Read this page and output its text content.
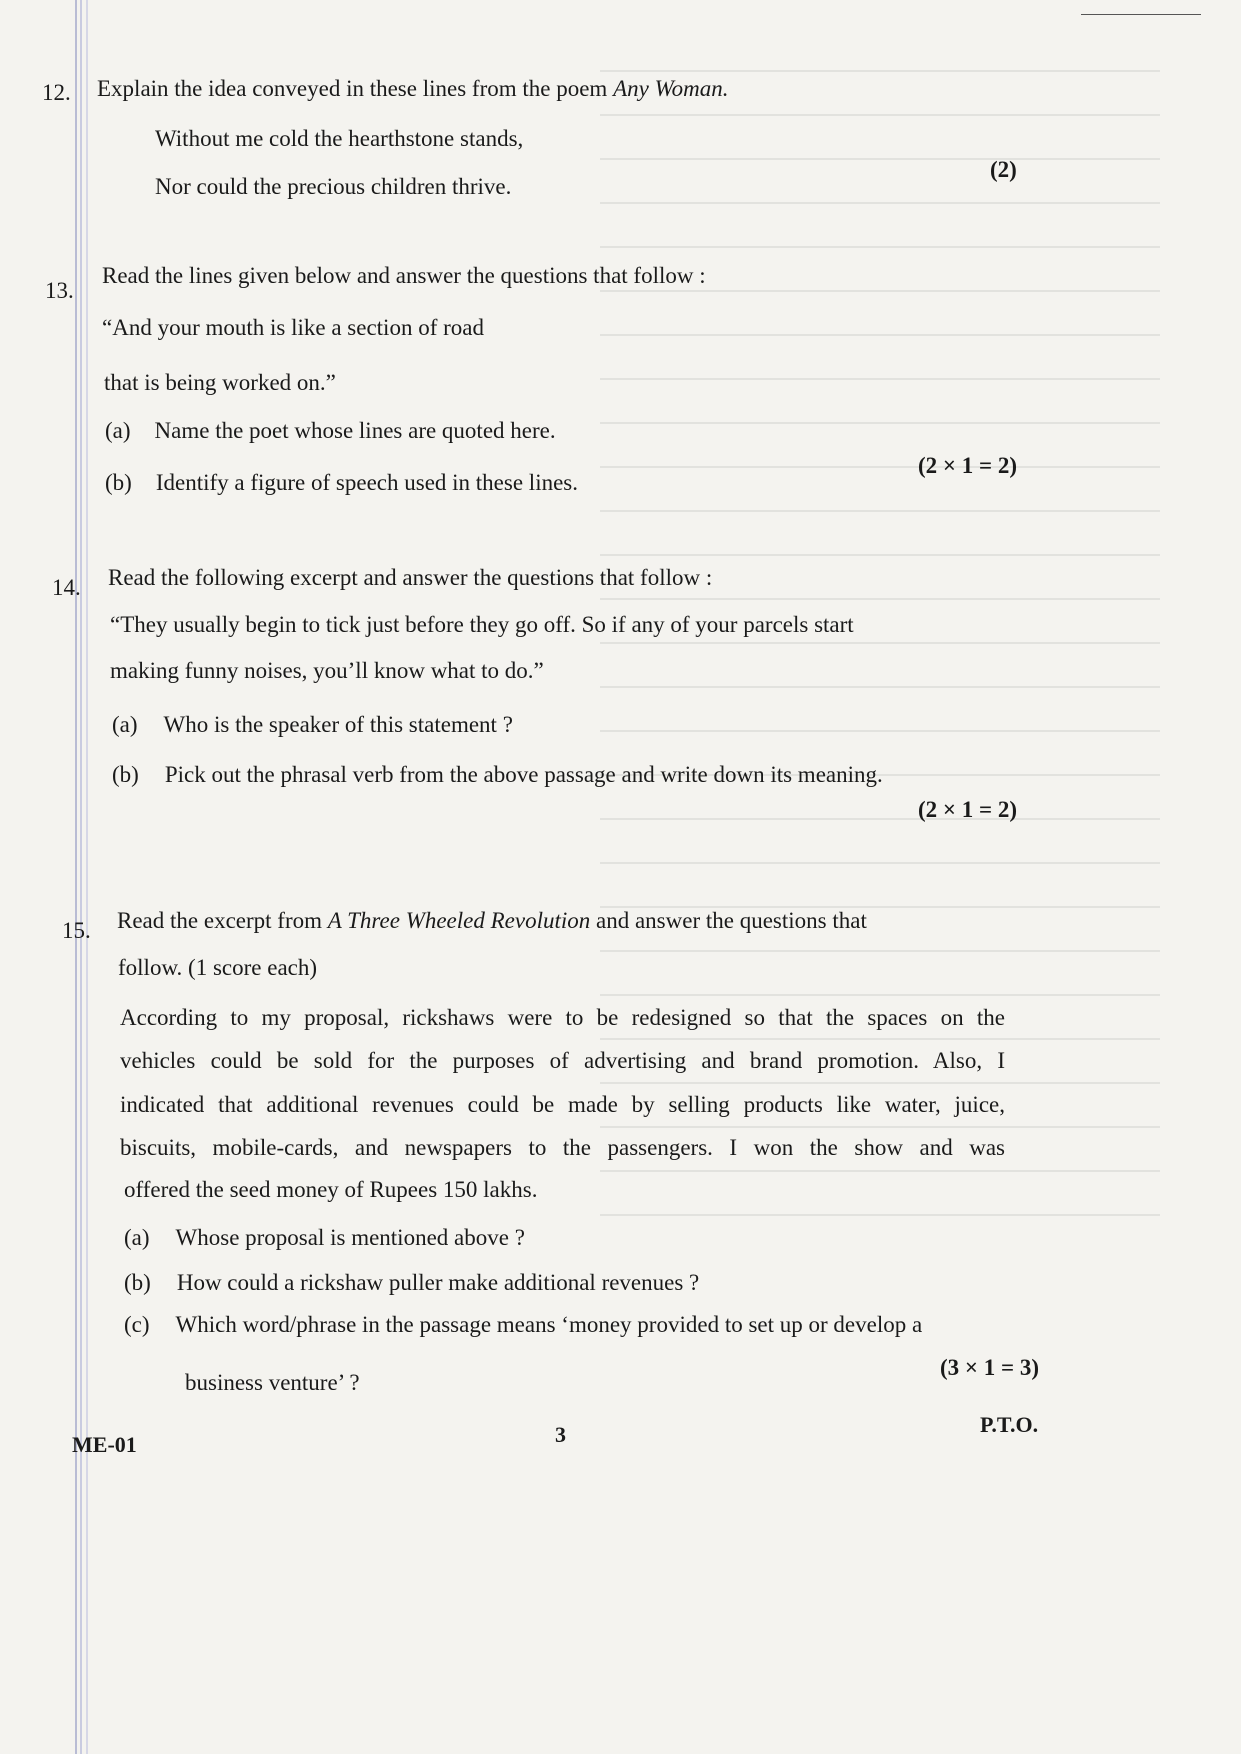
12. Explain the idea conveyed in these lines from the poem Any Woman.
Without me cold the hearthstone stands,
Nor could the precious children thrive.
(2)
13.
Read the lines given below and answer the questions that follow :
“And your mouth is like a section of road
that is being worked on.”
(a) Name the poet whose lines are quoted here.
(b) Identify a figure of speech used in these lines.
(2 × 1 = 2)
14. Read the following excerpt and answer the questions that follow :
“They usually begin to tick just before they go off. So if any of your parcels start
making funny noises, you’ll know what to do.”
(a) Who is the speaker of this statement ?
(b) Pick out the phrasal verb from the above passage and write down its meaning.
(2 × 1 = 2)
15. Read the excerpt from A Three Wheeled Revolution and answer the questions that
follow. (1 score each)
According to my proposal, rickshaws were to be redesigned so that the spaces on the
vehicles could be sold for the purposes of advertising and brand promotion. Also, I
indicated that additional revenues could be made by selling products like water, juice,
biscuits, mobile-cards, and newspapers to the passengers. I won the show and was
offered the seed money of Rupees 150 lakhs.
(a) Whose proposal is mentioned above ?
(b) How could a rickshaw puller make additional revenues ?
(c) Which word/phrase in the passage means ‘money provided to set up or develop a
business venture’ ?
(3 × 1 = 3)
ME-01	3	P.T.O.
